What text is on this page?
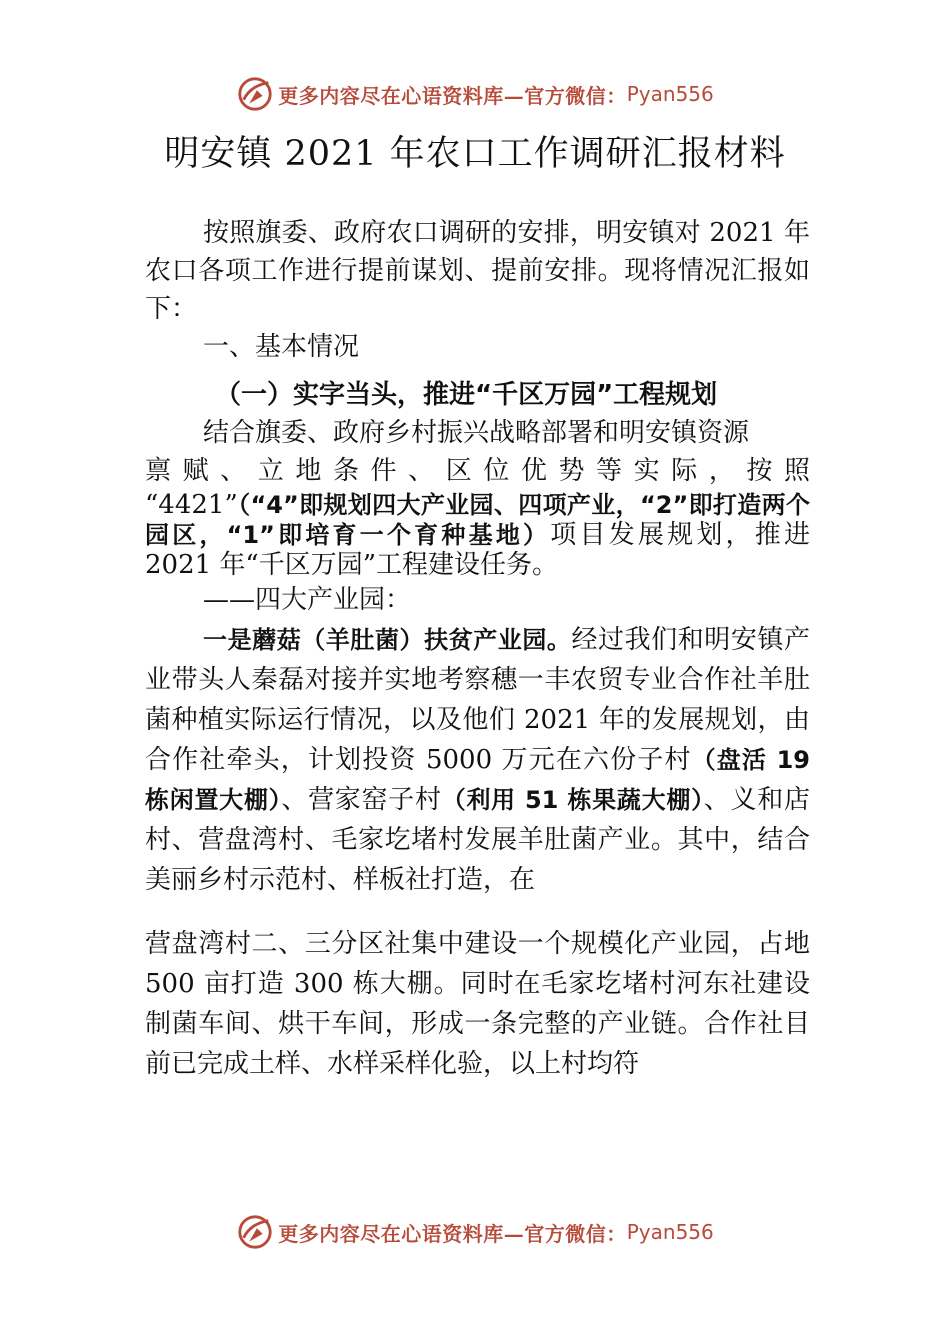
更多内容尽在心语资料库—官方微信： Pyan556
明安镇 2021 年农口工作调研汇报材料

按照旗委、政府农口调研的安排，明安镇对 2021 年农口各项工作进行提前谋划、提前安排。现将情况汇报如下：

一、基本情况

（一）实字当头，推进“千区万园”工程规划

结合旗委、政府乡村振兴战略部署和明安镇资源

禀 赋 、 立 地 条 件 、 区 位 优 势 等 实 际 ， 按 照

“4421”（“4”即规划四大产业园、四项产业，“2”即打造两个园区，“1”即培育一个育种基地）项目发展规划，推进 2021 年“千区万园”工程建设任务。

——四大产业园：

一是蘑菇（羊肚菌）扶贫产业园。经过我们和明安镇产业带头人秦磊对接并实地考察穗一丰农贸专业合作社羊肚菌种植实际运行情况，以及他们 2021 年的发展规划，由合作社牵头，计划投资 5000 万元在六份子村（盘活 19 栋闲置大棚）、营家窑子村（利用 51 栋果蔬大棚）、义和店村、营盘湾村、毛家圪堵村发展羊肚菌产业。其中，结合美丽乡村示范村、样板社打造，在

营盘湾村二、三分区社集中建设一个规模化产业园，占地 500 亩打造 300 栋大棚。同时在毛家圪堵村河东社建设制菌车间、烘干车间，形成一条完整的产业链。合作社目前已完成土样、水样采样化验，以上村均符

更多内容尽在心语资料库—官方微信： Pyan556
